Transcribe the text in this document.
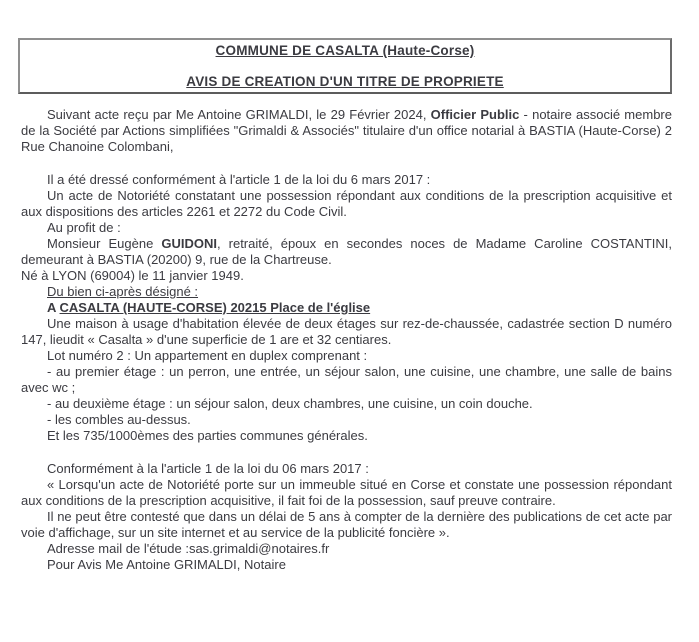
COMMUNE DE CASALTA (Haute-Corse)

AVIS DE CREATION D'UN TITRE DE PROPRIETE

Suivant acte reçu par Me Antoine GRIMALDI, le 29 Février 2024, Officier Public - notaire associé membre de la Société par Actions simplifiées "Grimaldi & Associés" titulaire d'un office notarial à BASTIA (Haute-Corse) 2 Rue Chanoine Colombani,

Il a été dressé conformément à l'article 1 de la loi du 6 mars 2017 :

Un acte de Notoriété constatant une possession répondant aux conditions de la prescription acquisitive et aux dispositions des articles 2261 et 2272 du Code Civil.

Au profit de :

Monsieur Eugène GUIDONI, retraité, époux en secondes noces de Madame Caroline COSTANTINI, demeurant à BASTIA (20200) 9, rue de la Chartreuse.

Né à LYON (69004) le 11 janvier 1949.

Du bien ci-après désigné :

A CASALTA (HAUTE-CORSE) 20215 Place de l'église

Une maison à usage d'habitation élevée de deux étages sur rez-de-chaussée, cadastrée section D numéro 147, lieudit « Casalta » d'une superficie de 1 are et 32 centiares.

Lot numéro 2 : Un appartement en duplex comprenant :

- au premier étage : un perron, une entrée, un séjour salon, une cuisine, une chambre, une salle de bains avec wc ;

- au deuxième étage : un séjour salon, deux chambres, une cuisine, un coin douche.

- les combles au-dessus.

Et les 735/1000èmes des parties communes générales.

Conformément à la l'article 1 de la loi du 06 mars 2017 :

« Lorsqu'un acte de Notoriété porte sur un immeuble situé en Corse et constate une possession répondant aux conditions de la prescription acquisitive, il fait foi de la possession, sauf preuve contraire.

Il ne peut être contesté que dans un délai de 5 ans à compter de la dernière des publications de cet acte par voie d'affichage, sur un site internet et au service de la publicité foncière ».

Adresse mail de l'étude :sas.grimaldi@notaires.fr

Pour Avis Me Antoine GRIMALDI, Notaire
